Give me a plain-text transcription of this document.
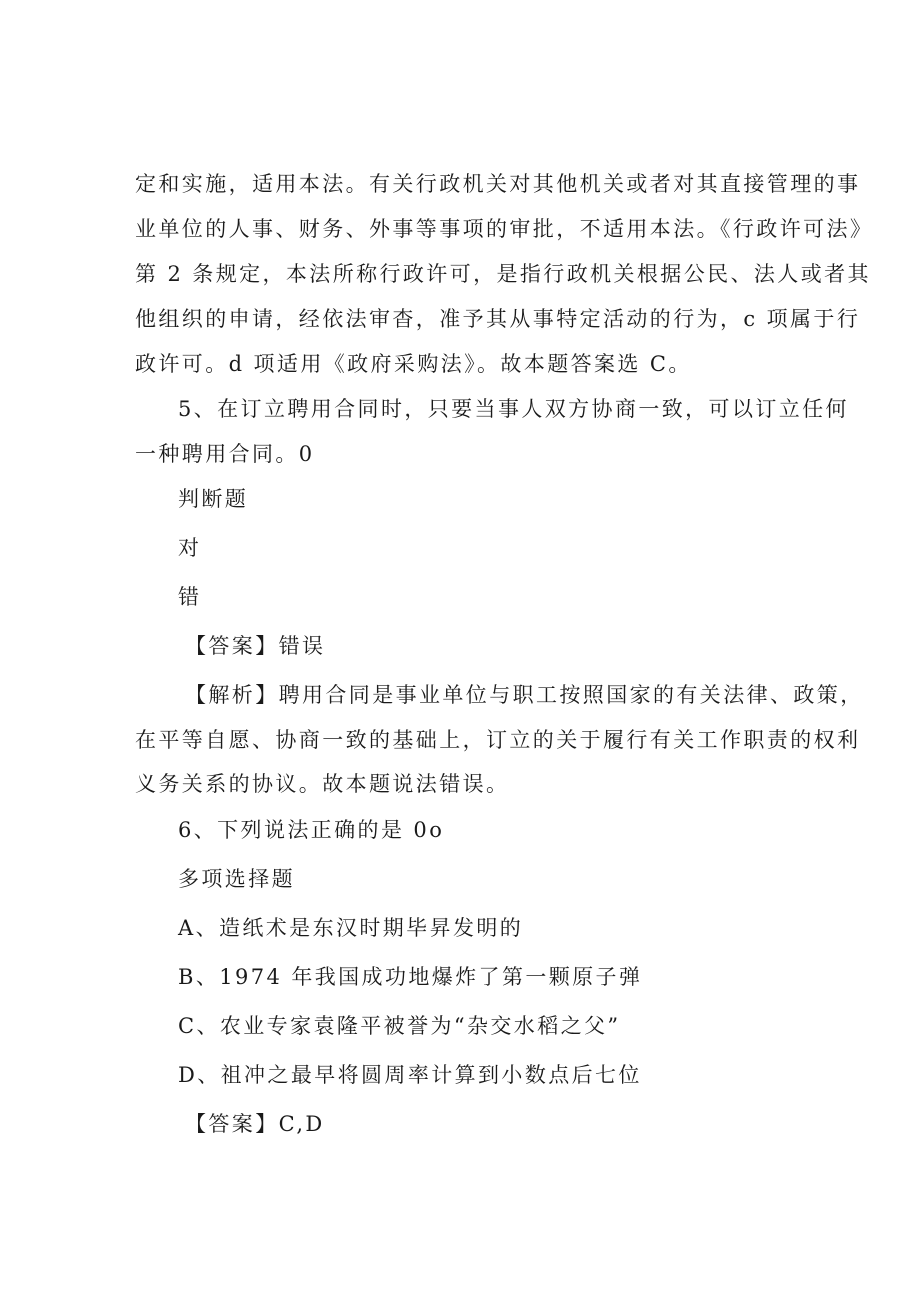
定和实施，适用本法。有关行政机关对其他机关或者对其直接管理的事
业单位的人事、财务、外事等事项的审批，不适用本法。《行政许可法》
第 2 条规定，本法所称行政许可，是指行政机关根据公民、法人或者其
他组织的申请，经依法审杳，准予其从事特定活动的行为，c 项属于行
政许可。d 项适用《政府采购法》。故本题答案选 C。
5、在订立聘用合同时，只要当事人双方协商一致，可以订立任何
一种聘用合同。0
判断题
对
错
【答案】错误
【解析】聘用合同是事业单位与职工按照国家的有关法律、政策，
在平等自愿、协商一致的基础上，订立的关于履行有关工作职责的权利
义务关系的协议。故本题说法错误。
6、下列说法正确的是 0o
多项选择题
A、造纸术是东汉时期毕昇发明的
B、1974 年我国成功地爆炸了第一颗原子弹
C、农业专家袁隆平被誉为“杂交水稻之父”
D、祖冲之最早将圆周率计算到小数点后七位
【答案】C,D
